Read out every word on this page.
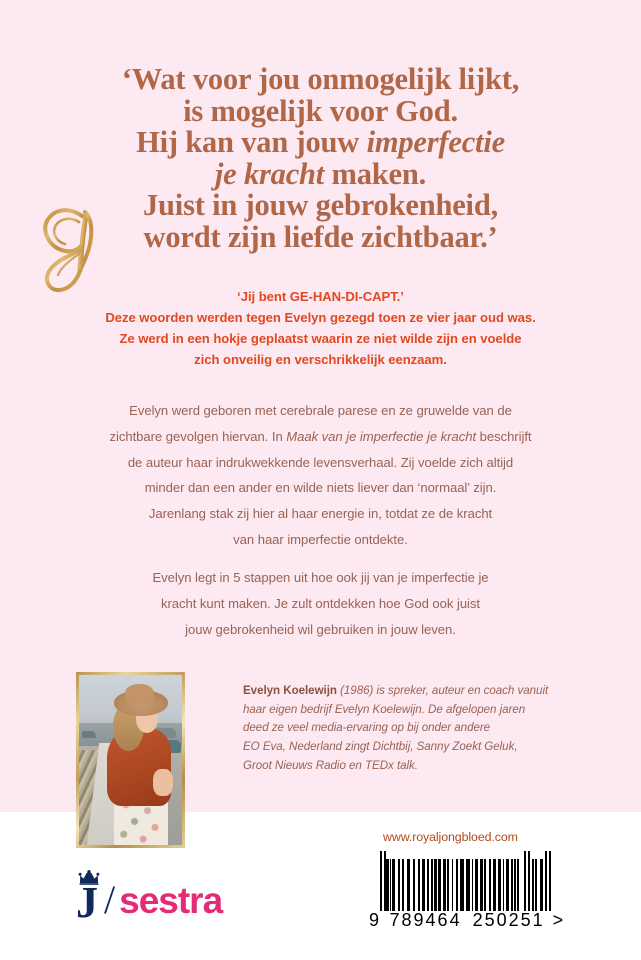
‘Wat voor jou onmogelijk lijkt,
is mogelijk voor God.
Hij kan van jouw imperfectie
je kracht maken.
Juist in jouw gebrokenheid,
wordt zijn liefde zichtbaar.’
‘Jij bent GE-HAN-DI-CAPT.’
Deze woorden werden tegen Evelyn gezegd toen ze vier jaar oud was.
Ze werd in een hokje geplaatst waarin ze niet wilde zijn en voelde
zich onveilig en verschrikkelijk eenzaam.
Evelyn werd geboren met cerebrale parese en ze gruwelde van de
zichtbare gevolgen hiervan. In Maak van je imperfectie je kracht beschrijft
de auteur haar indrukwekkende levensverhaal. Zij voelde zich altijd
minder dan een ander en wilde niets liever dan ‘normaal’ zijn.
Jarenlang stak zij hier al haar energie in, totdat ze de kracht
van haar imperfectie ontdekte.
Evelyn legt in 5 stappen uit hoe ook jij van je imperfectie je
kracht kunt maken. Je zult ontdekken hoe God ook juist
jouw gebrokenheid wil gebruiken in jouw leven.
Evelyn Koelewijn (1986) is spreker, auteur en coach vanuit
haar eigen bedrijf Evelyn Koelewijn. De afgelopen jaren
deed ze veel media-ervaring op bij onder andere
EO Eva, Nederland zingt Dichtbij, Sanny Zoekt Geluk,
Groot Nieuws Radio en TEDx talk.
J / sestra
www.royaljongbloed.com
9 789464 250251 >
